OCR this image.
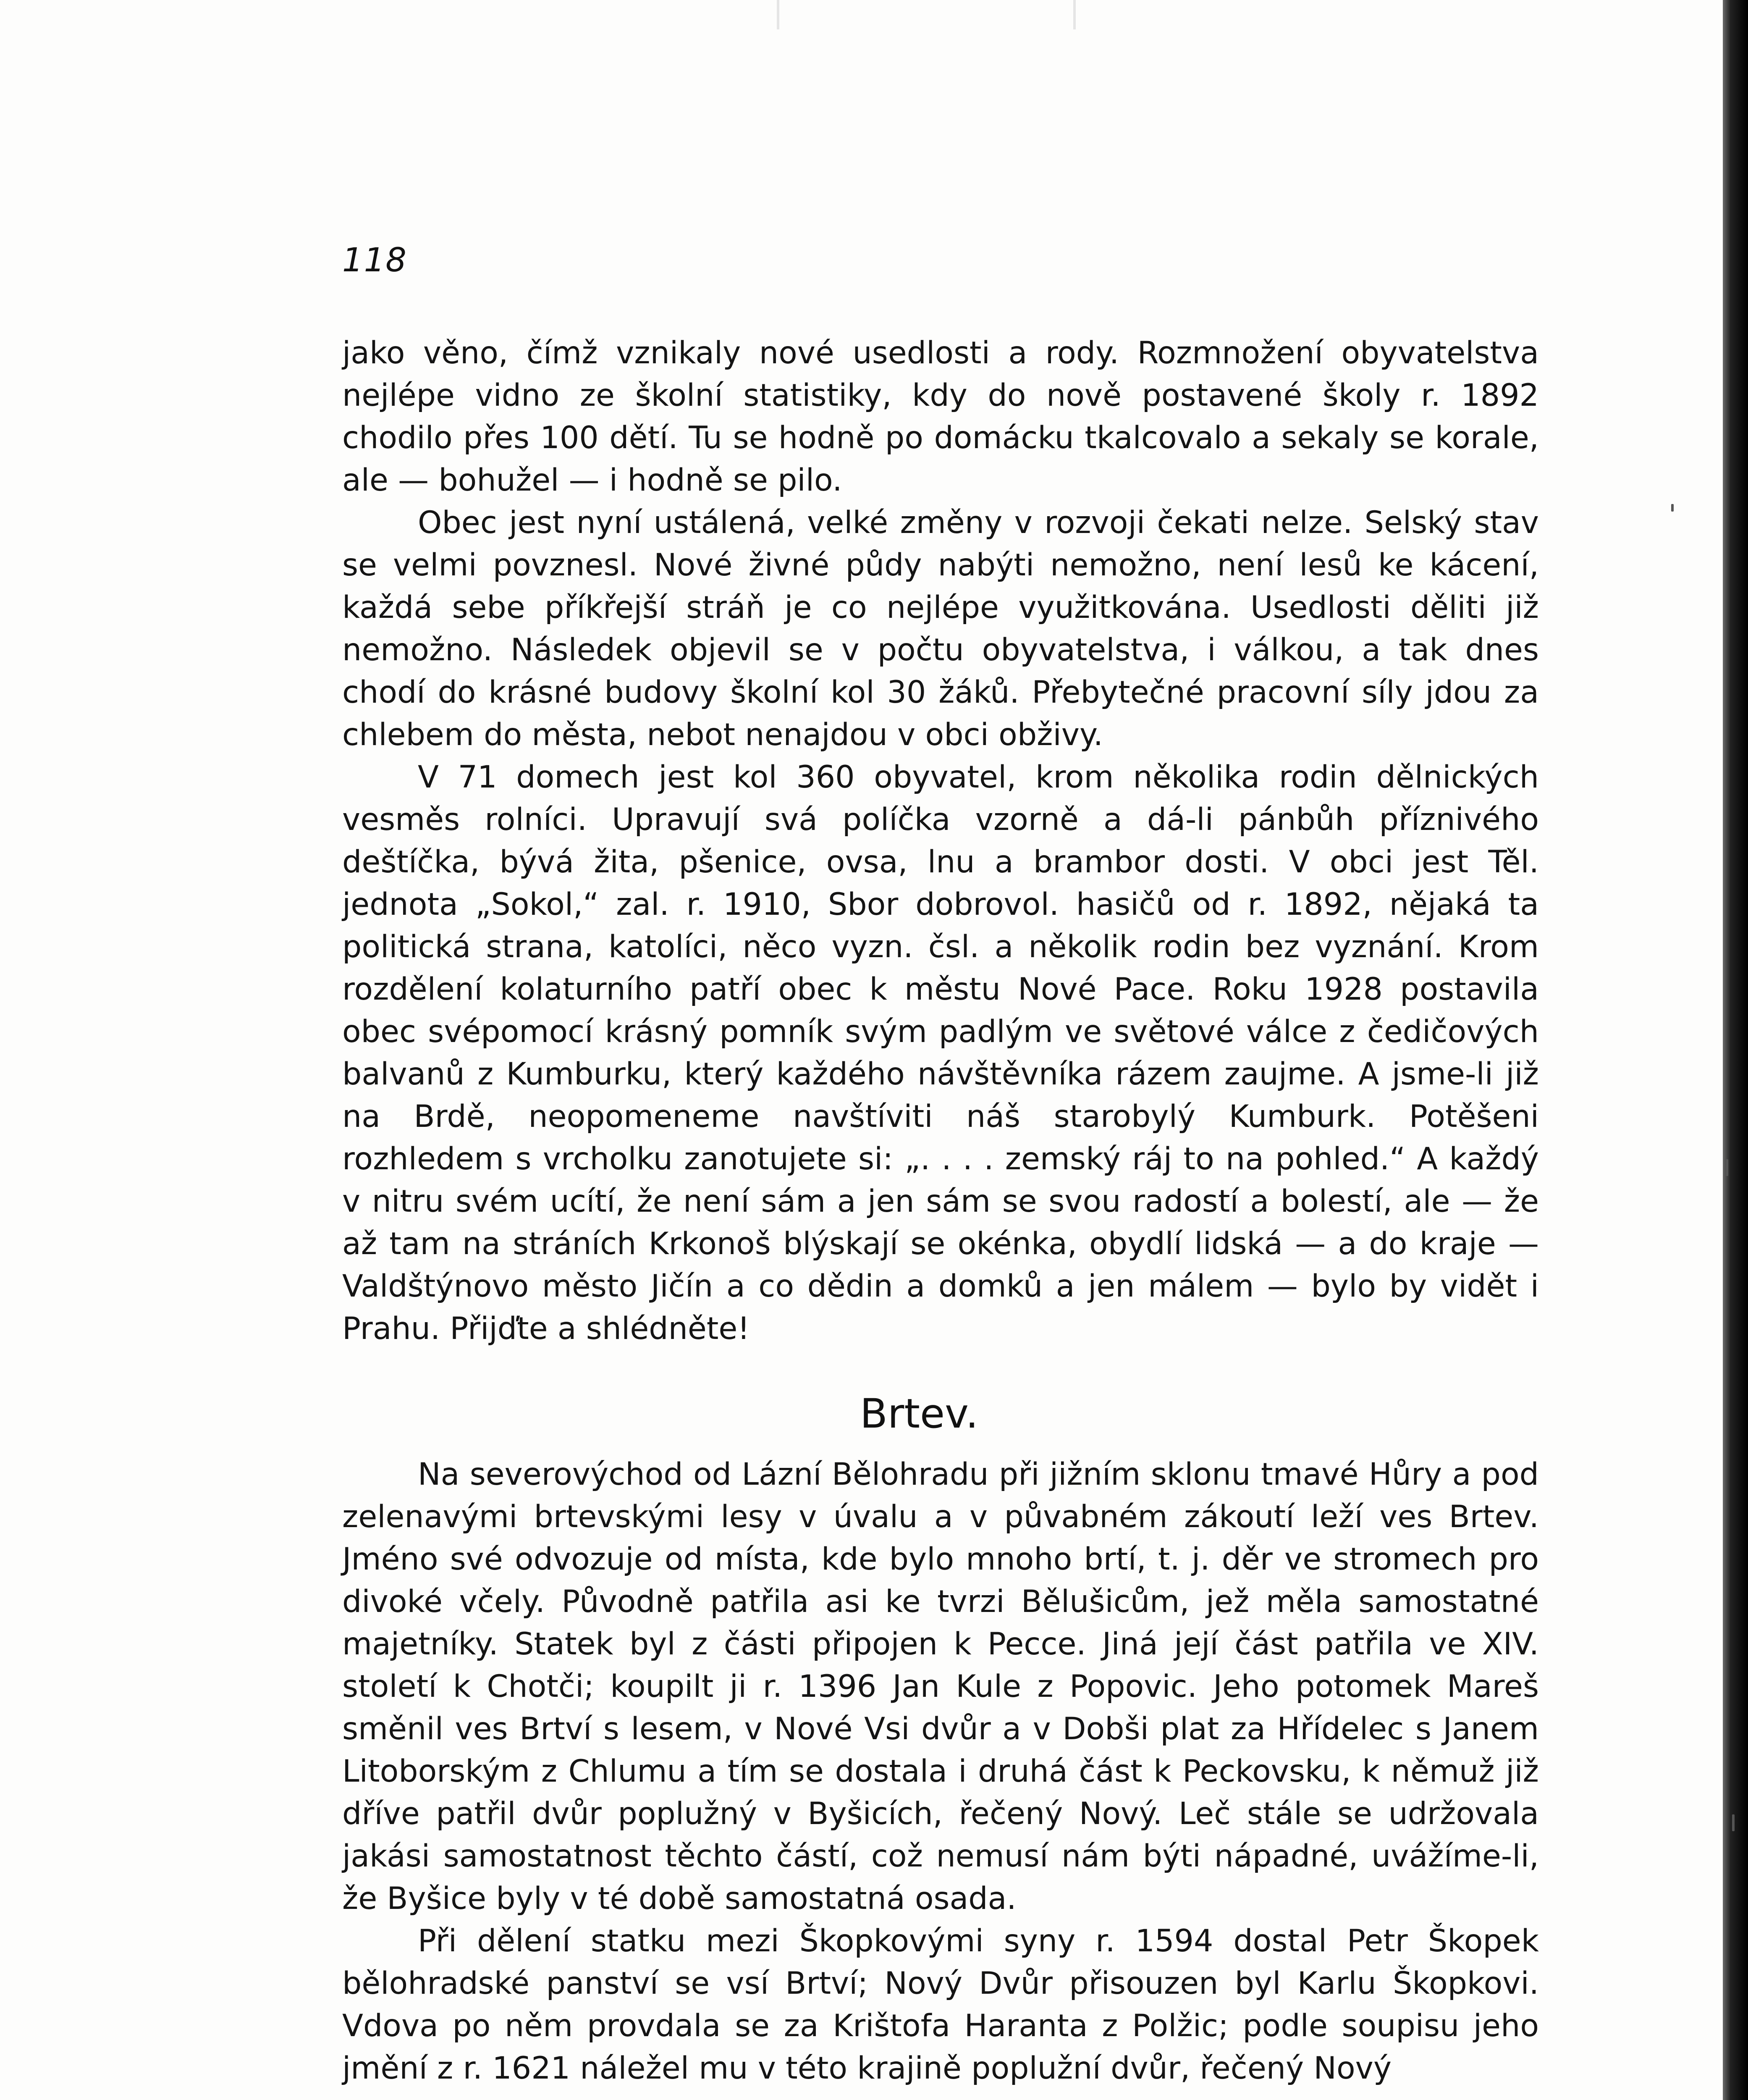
118

jako věno, čímž vznikaly nové usedlosti a rody. Rozmnožení obyvatelstva nejlépe vidno ze školní statistiky, kdy do nově postavené školy r. 1892 chodilo přes 100 dětí. Tu se hodně po domácku tkalcovalo a sekaly se korale, ale — bohužel — i hodně se pilo.

Obec jest nyní ustálená, velké změny v rozvoji čekati nelze. Selský stav se velmi povznesl. Nové živné půdy nabýti nemožno, není lesů ke kácení, každá sebe příkřejší stráň je co nejlépe využitkována. Usedlosti děliti již nemožno. Následek objevil se v počtu obyvatelstva, i válkou, a tak dnes chodí do krásné budovy školní kol 30 žáků. Přebytečné pracovní síly jdou za chlebem do města, nebot nenajdou v obci obživy.

V 71 domech jest kol 360 obyvatel, krom několika rodin dělnických vesměs rolníci. Upravují svá políčka vzorně a dá-li pánbůh příznivého deštíčka, bývá žita, pšenice, ovsa, lnu a brambor dosti. V obci jest Těl. jednota „Sokol,“ zal. r. 1910, Sbor dobrovol. hasičů od r. 1892, nějaká ta politická strana, katolíci, něco vyzn. čsl. a několik rodin bez vyznání. Krom rozdělení kolaturního patří obec k městu Nové Pace. Roku 1928 postavila obec svépomocí krásný pomník svým padlým ve světové válce z čedičových balvanů z Kumburku, který každého návštěvníka rázem zaujme. A jsme-li již na Brdě, neopomeneme navštíviti náš starobylý Kumburk. Potěšeni rozhledem s vrcholku zanotujete si: „. . . . zemský ráj to na pohled.“ A každý v nitru svém ucítí, že není sám a jen sám se svou radostí a bolestí, ale — že až tam na stráních Krkonoš blýskají se okénka, obydlí lidská — a do kraje — Valdštýnovo město Jičín a co dědin a domků a jen málem — bylo by vidět i Prahu. Přijďte a shlédněte!

Brtev.

Na severovýchod od Lázní Bělohradu při jižním sklonu tmavé Hůry a pod zelenavými brtevskými lesy v úvalu a v půvabném zákoutí leží ves Brtev. Jméno své odvozuje od místa, kde bylo mnoho brtí, t. j. děr ve stromech pro divoké včely. Původně patřila asi ke tvrzi Bělušicům, jež měla samostatné majetníky. Statek byl z části připojen k Pecce. Jiná její část patřila ve XIV. století k Chotči; koupilt ji r. 1396 Jan Kule z Popovic. Jeho potomek Mareš směnil ves Brtví s lesem, v Nové Vsi dvůr a v Dobši plat za Hřídelec s Janem Litoborským z Chlumu a tím se dostala i druhá část k Peckovsku, k němuž již dříve patřil dvůr poplužný v Byšicích, řečený Nový. Leč stále se udržovala jakási samostatnost těchto částí, což nemusí nám býti nápadné, uvážíme-li, že Byšice byly v té době samostatná osada.

Při dělení statku mezi Škopkovými syny r. 1594 dostal Petr Škopek bělohradské panství se vsí Brtví; Nový Dvůr přisouzen byl Karlu Škopkovi. Vdova po něm provdala se za Krištofa Haranta z Polžic; podle soupisu jeho jmění z r. 1621 náležel mu v této krajině poplužní dvůr, řečený Nový
